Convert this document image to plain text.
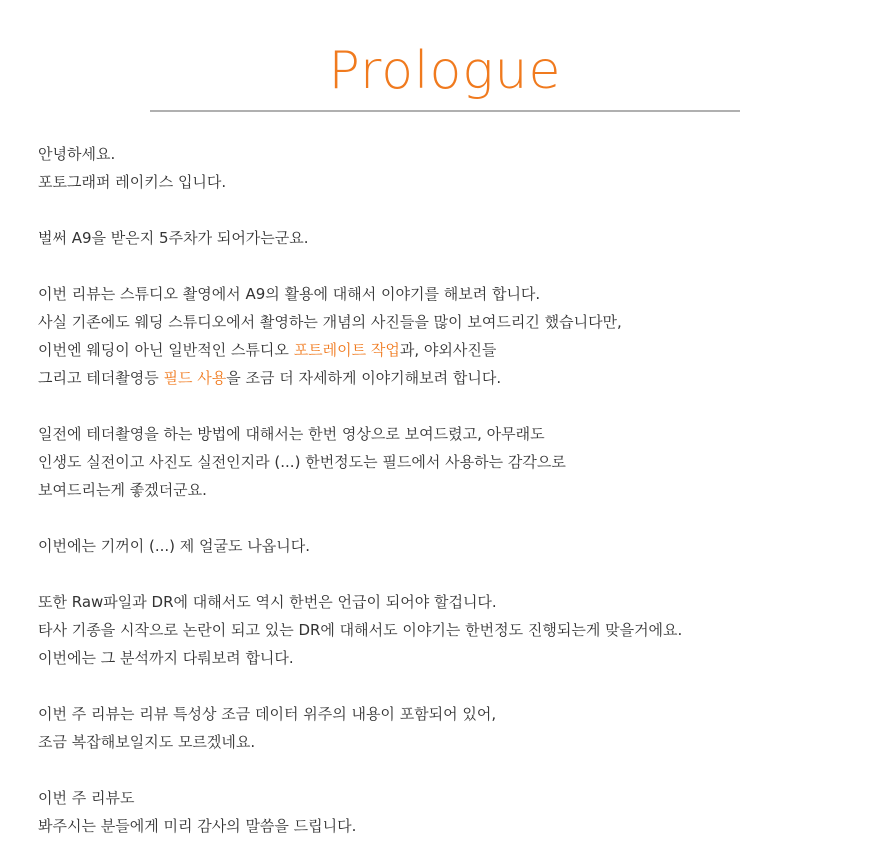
Prologue
안녕하세요.
포토그래퍼 레이키스 입니다.
벌써 A9을 받은지 5주차가 되어가는군요.
이번 리뷰는 스튜디오 촬영에서 A9의 활용에 대해서 이야기를 해보려 합니다.
사실 기존에도 웨딩 스튜디오에서 촬영하는 개념의 사진들을 많이 보여드리긴 했습니다만,
이번엔 웨딩이 아닌 일반적인 스튜디오 포트레이트 작업과, 야외사진들
그리고 테더촬영등 필드 사용을 조금 더 자세하게 이야기해보려 합니다.
일전에 테더촬영을 하는 방법에 대해서는 한번 영상으로 보여드렸고, 아무래도
인생도 실전이고 사진도 실전인지라 (...) 한번정도는 필드에서 사용하는 감각으로
보여드리는게 좋겠더군요.
이번에는 기꺼이 (...) 제 얼굴도 나옵니다.
또한 Raw파일과 DR에 대해서도 역시 한번은 언급이 되어야 할겁니다.
타사 기종을 시작으로 논란이 되고 있는 DR에 대해서도 이야기는 한번정도 진행되는게 맞을거에요.
이번에는 그 분석까지 다뤄보려 합니다.
이번 주 리뷰는 리뷰 특성상 조금 데이터 위주의 내용이 포함되어 있어,
조금 복잡해보일지도 모르겠네요.
이번 주 리뷰도
봐주시는 분들에게 미리 감사의 말씀을 드립니다.
